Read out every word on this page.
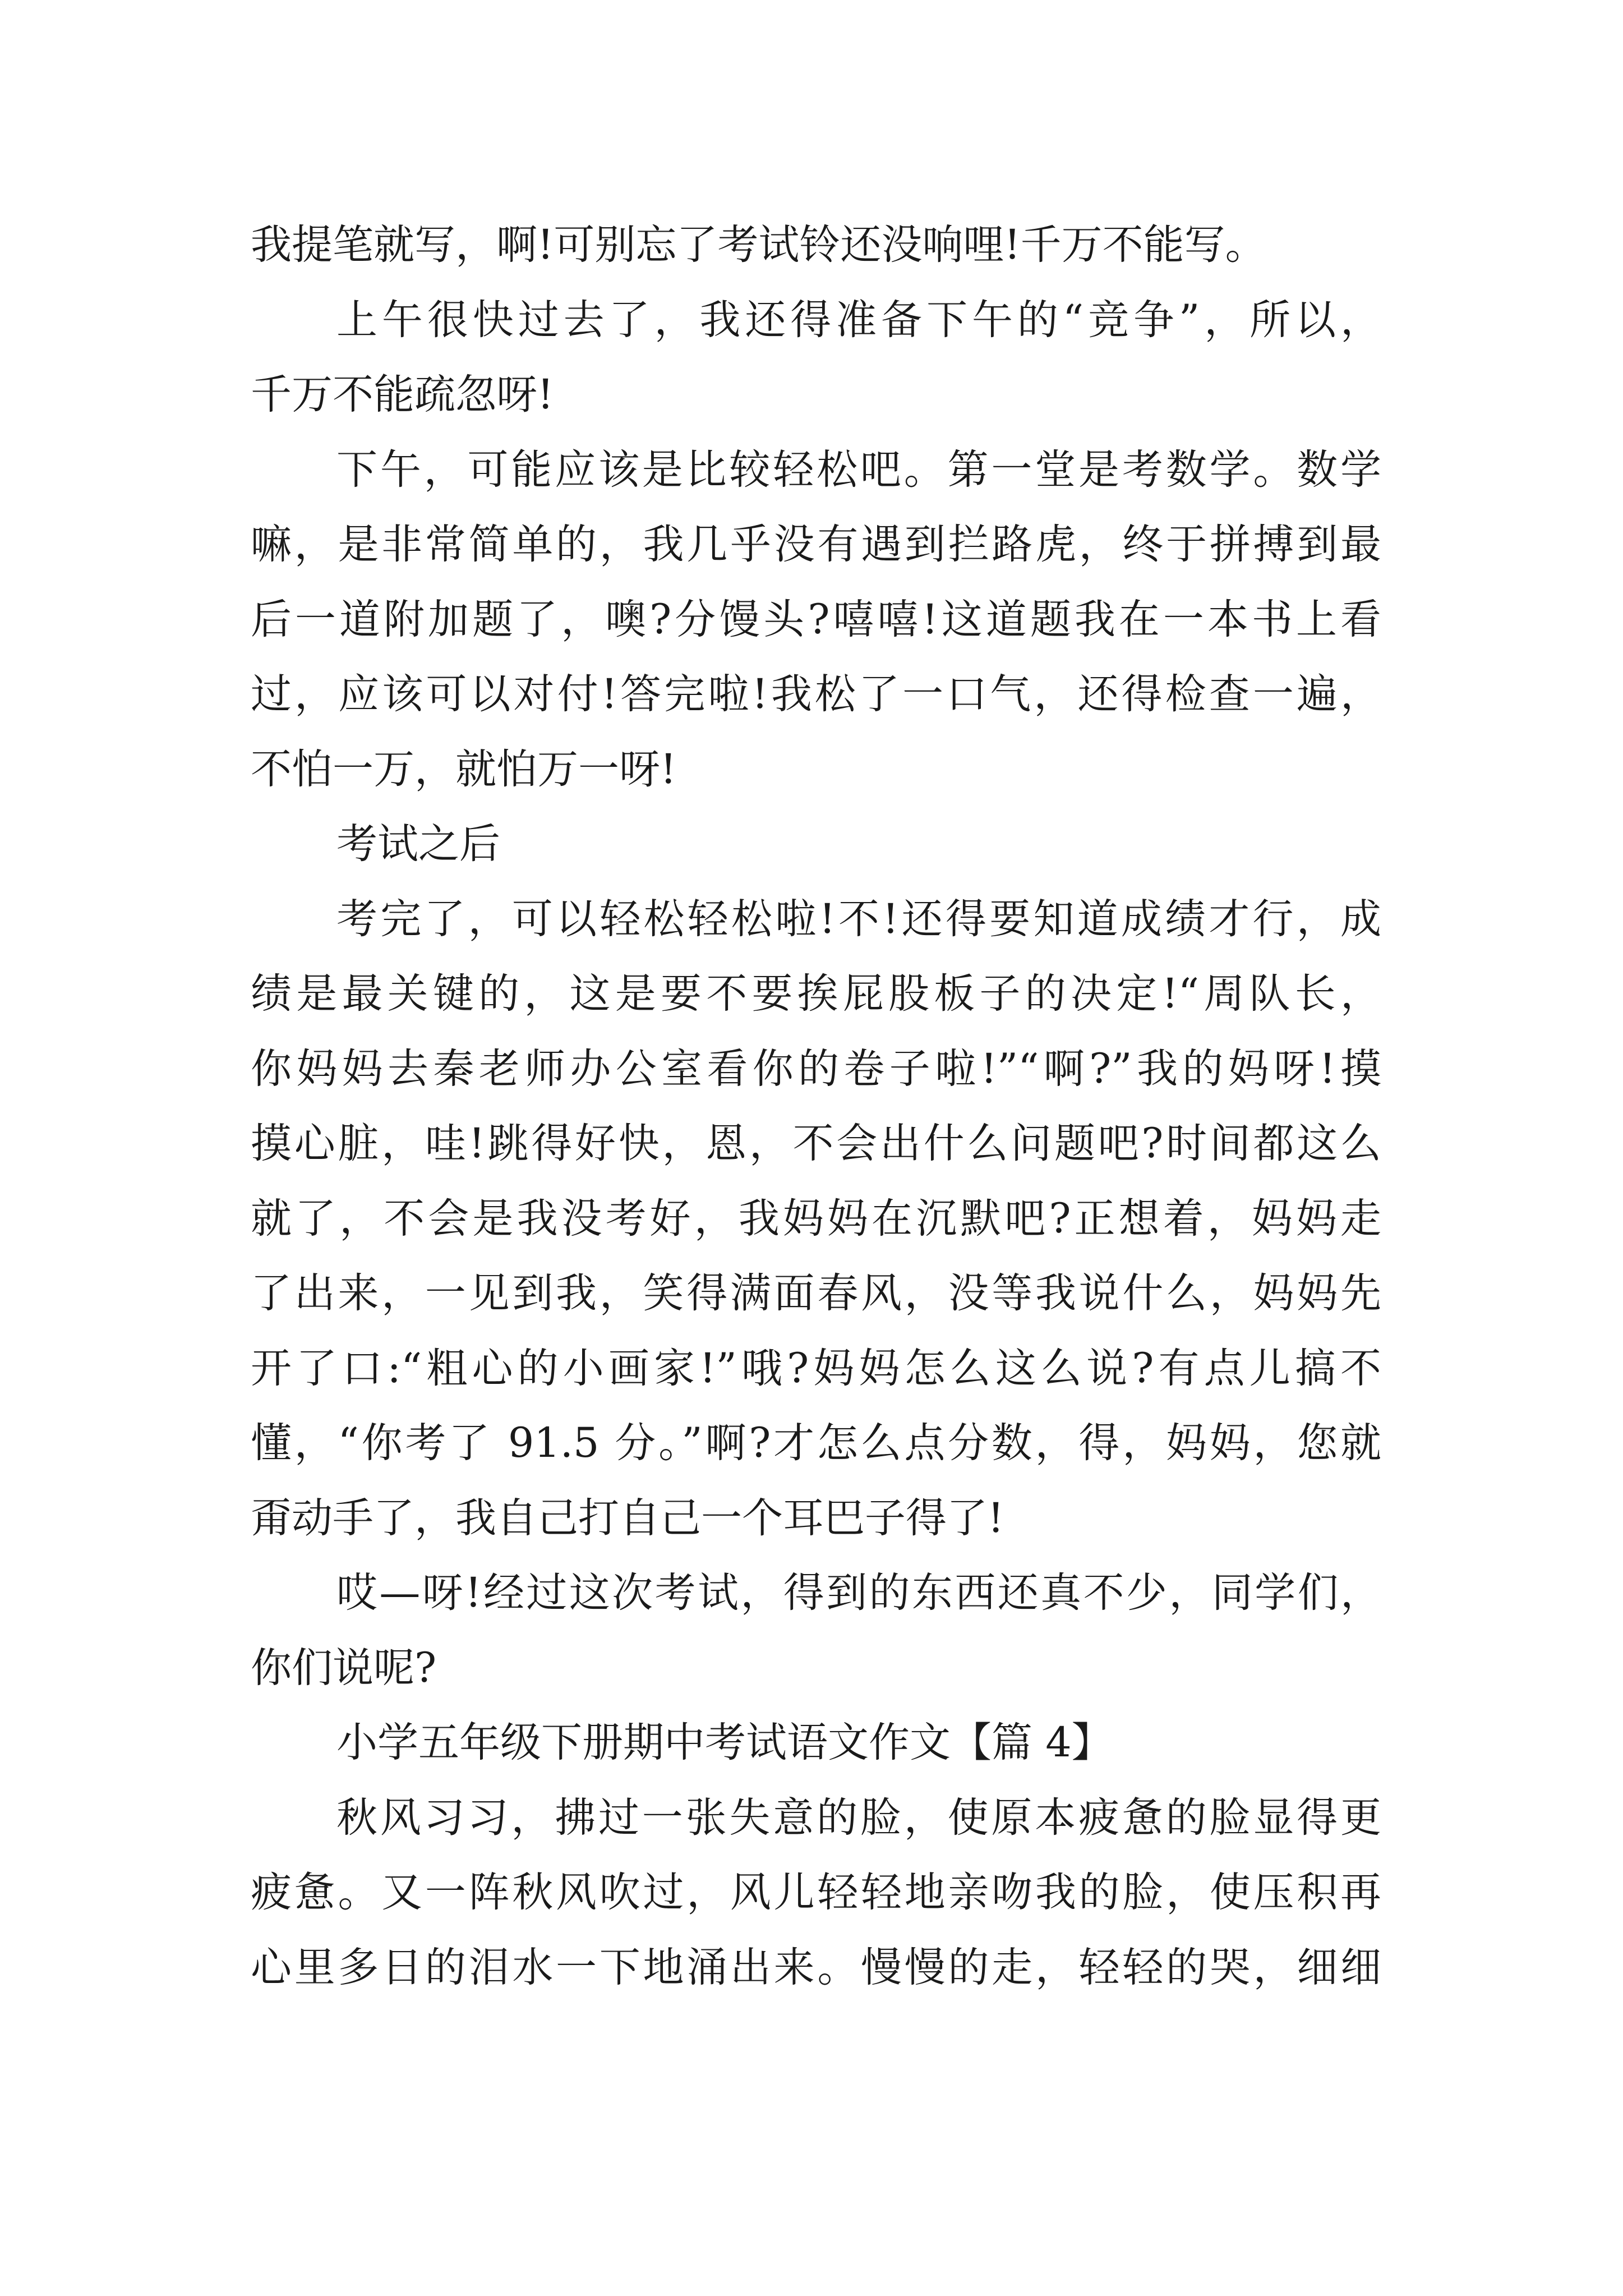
我提笔就写，啊!可别忘了考试铃还没响哩!千万不能写。

上午很快过去了，我还得准备下午的“竞争”，所以，

千万不能疏忽呀!

下午，可能应该是比较轻松吧。第一堂是考数学。数学

嘛，是非常简单的，我几乎没有遇到拦路虎，终于拼搏到最

后一道附加题了，噢?分馒头?嘻嘻!这道题我在一本书上看

过，应该可以对付!答完啦!我松了一口气，还得检查一遍，

不怕一万，就怕万一呀!

考试之后

考完了，可以轻松轻松啦!不!还得要知道成绩才行，成

绩是最关键的，这是要不要挨屁股板子的决定!“周队长，

你妈妈去秦老师办公室看你的卷子啦!”“啊?”我的妈呀!摸

摸心脏，哇!跳得好快，恩，不会出什么问题吧?时间都这么

就了，不会是我没考好，我妈妈在沉默吧?正想着，妈妈走

了出来，一见到我，笑得满面春风，没等我说什么，妈妈先

开了口:“粗心的小画家!”哦?妈妈怎么这么说?有点儿搞不

懂，“你考了 91.5 分。”啊?才怎么点分数，得，妈妈，您就

甭动手了，我自己打自己一个耳巴子得了!

哎—呀!经过这次考试，得到的东西还真不少，同学们，

你们说呢?

小学五年级下册期中考试语文作文【篇 4】

秋风习习，拂过一张失意的脸，使原本疲惫的脸显得更

疲惫。又一阵秋风吹过，风儿轻轻地亲吻我的脸，使压积再

心里多日的泪水一下地涌出来。慢慢的走，轻轻的哭，细细
